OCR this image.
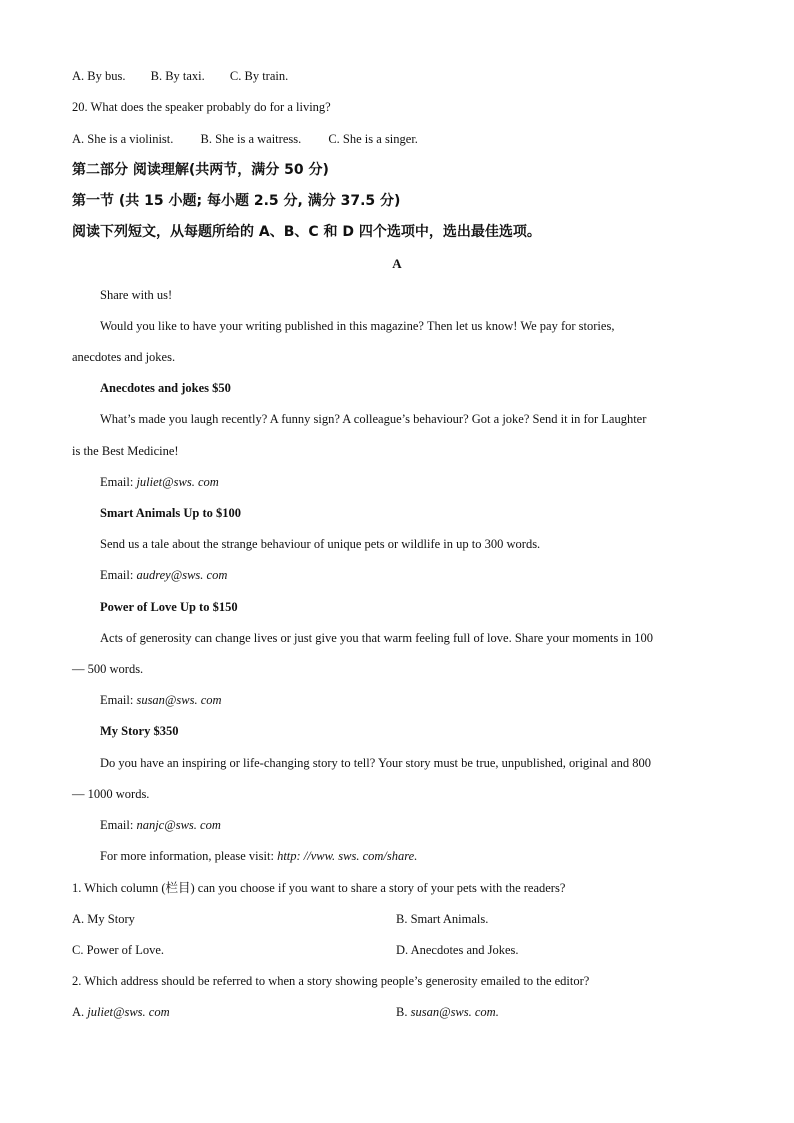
A. By bus. B. By taxi. C. By train.
20. What does the speaker probably do for a living?
A. She is a violinist. B. She is a waitress. C. She is a singer.
第二部分 阅读理解(共两节，满分 50 分)
第一节 (共 15 小题; 每小题 2.5 分, 满分 37.5 分)
阅读下列短文，从每题所给的 A、B、C 和 D 四个选项中，选出最佳选项。
A
Share with us!
Would you like to have your writing published in this magazine? Then let us know! We pay for stories,
anecdotes and jokes.
Anecdotes and jokes $50
What’s made you laugh recently? A funny sign? A colleague’s behaviour? Got a joke? Send it in for Laughter
is the Best Medicine!
Email: juliet@sws. com
Smart Animals Up to $100
Send us a tale about the strange behaviour of unique pets or wildlife in up to 300 words.
Email: audrey@sws. com
Power of Love Up to $150
Acts of generosity can change lives or just give you that warm feeling full of love. Share your moments in 100
— 500 words.
Email: susan@sws. com
My Story $350
Do you have an inspiring or life-changing story to tell? Your story must be true, unpublished, original and 800
— 1000 words.
Email: nanjc@sws. com
For more information, please visit: http: //vww. sws. com/share.
1. Which column (栏目) can you choose if you want to share a story of your pets with the readers?
A. My Story	B. Smart Animals.
C. Power of Love.	D. Anecdotes and Jokes.
2. Which address should be referred to when a story showing people’s generosity emailed to the editor?
A. juliet@sws. com	B. susan@sws. com.
